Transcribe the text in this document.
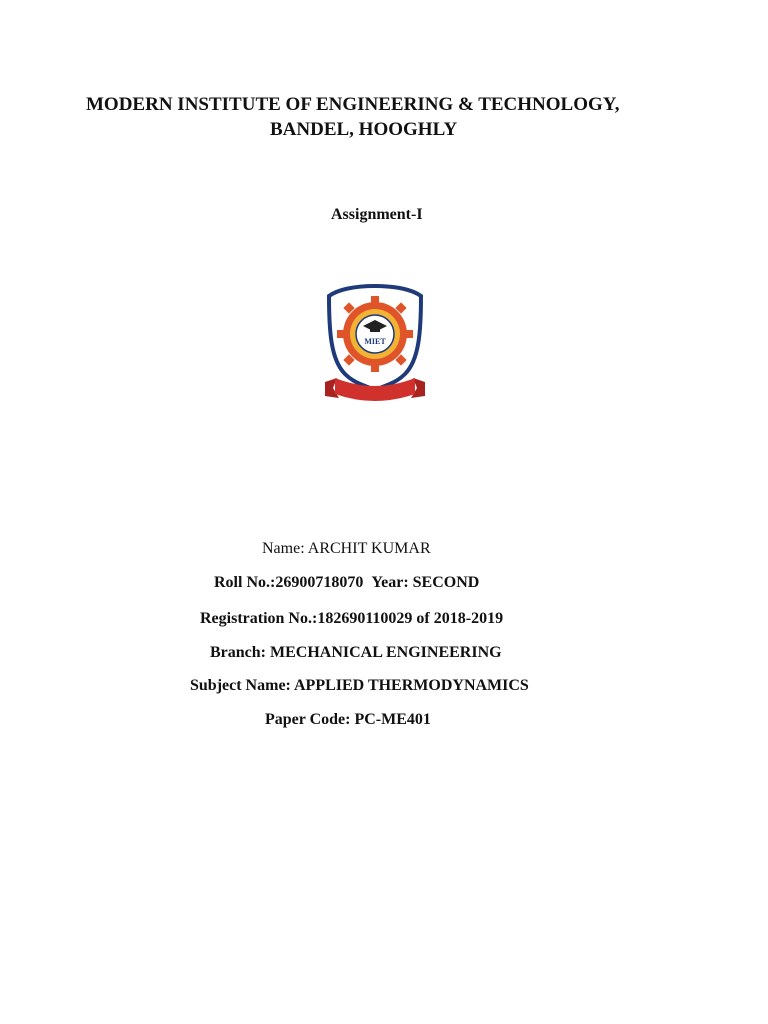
MODERN INSTITUTE OF ENGINEERING & TECHNOLOGY,
BANDEL, HOOGHLY
Assignment-I
MIET
Name: ARCHIT KUMAR
Roll No.:26900718070 Year: SECOND
Registration No.:182690110029 of 2018-2019
Branch: MECHANICAL ENGINEERING
Subject Name: APPLIED THERMODYNAMICS
Paper Code: PC-ME401
